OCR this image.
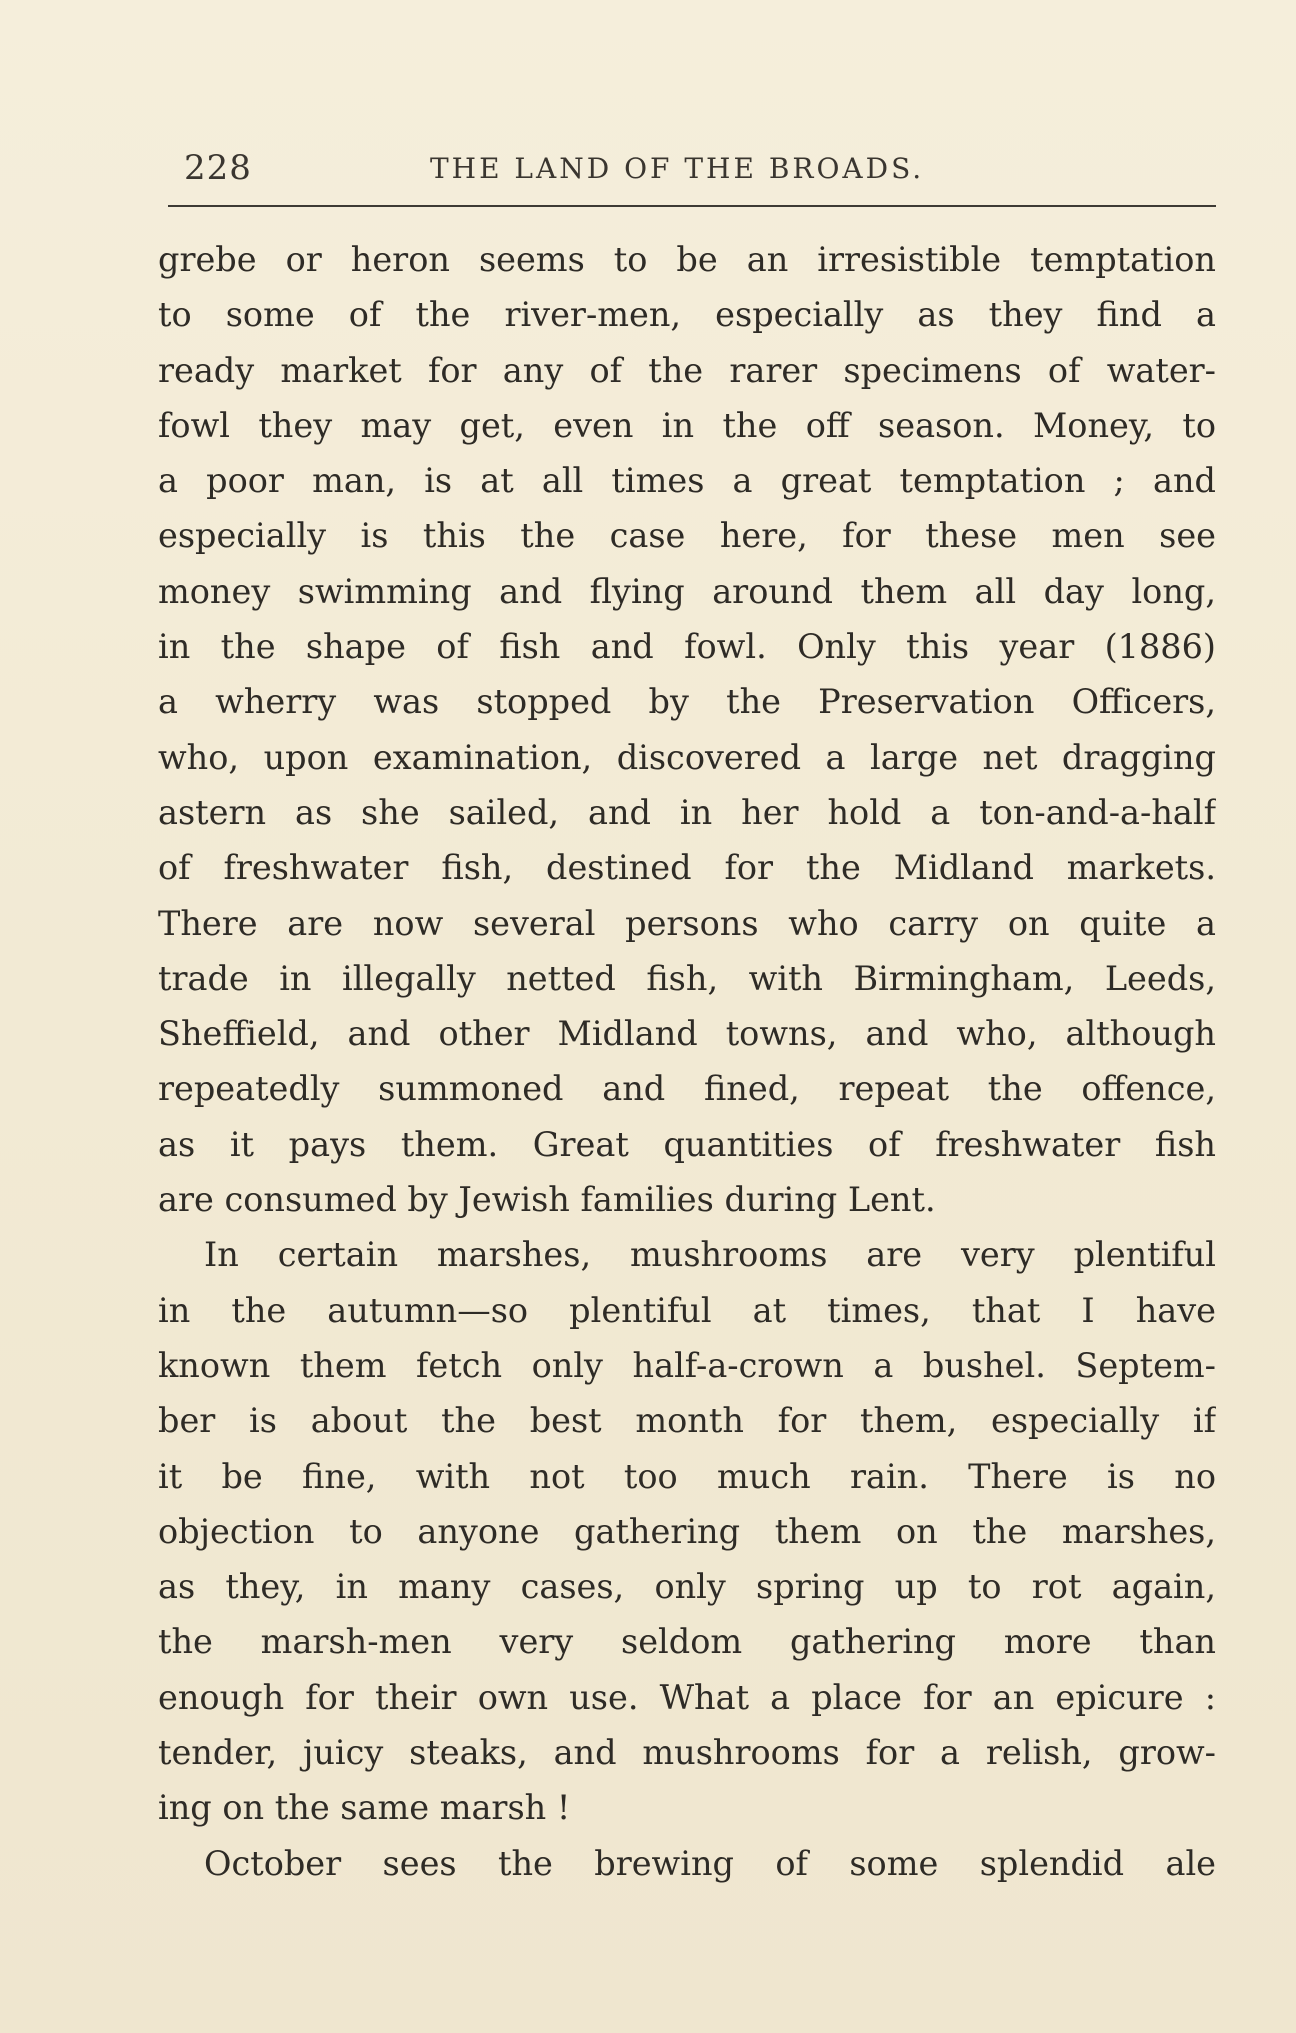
228	THE LAND OF THE BROADS.
grebe or heron seems to be an irresistible temptation
to some of the river-men, especially as they find a
ready market for any of the rarer specimens of water-
fowl they may get, even in the off season. Money, to
a poor man, is at all times a great temptation ; and
especially is this the case here, for these men see
money swimming and flying around them all day long,
in the shape of fish and fowl. Only this year (1886)
a wherry was stopped by the Preservation Officers,
who, upon examination, discovered a large net dragging
astern as she sailed, and in her hold a ton-and-a-half
of freshwater fish, destined for the Midland markets.
There are now several persons who carry on quite a
trade in illegally netted fish, with Birmingham, Leeds,
Sheffield, and other Midland towns, and who, although
repeatedly summoned and fined, repeat the offence,
as it pays them. Great quantities of freshwater fish
are consumed by Jewish families during Lent.
In certain marshes, mushrooms are very plentiful
in the autumn—so plentiful at times, that I have
known them fetch only half-a-crown a bushel. Septem-
ber is about the best month for them, especially if
it be fine, with not too much rain. There is no
objection to anyone gathering them on the marshes,
as they, in many cases, only spring up to rot again,
the marsh-men very seldom gathering more than
enough for their own use. What a place for an epicure :
tender, juicy steaks, and mushrooms for a relish, grow-
ing on the same marsh !
October sees the brewing of some splendid ale
